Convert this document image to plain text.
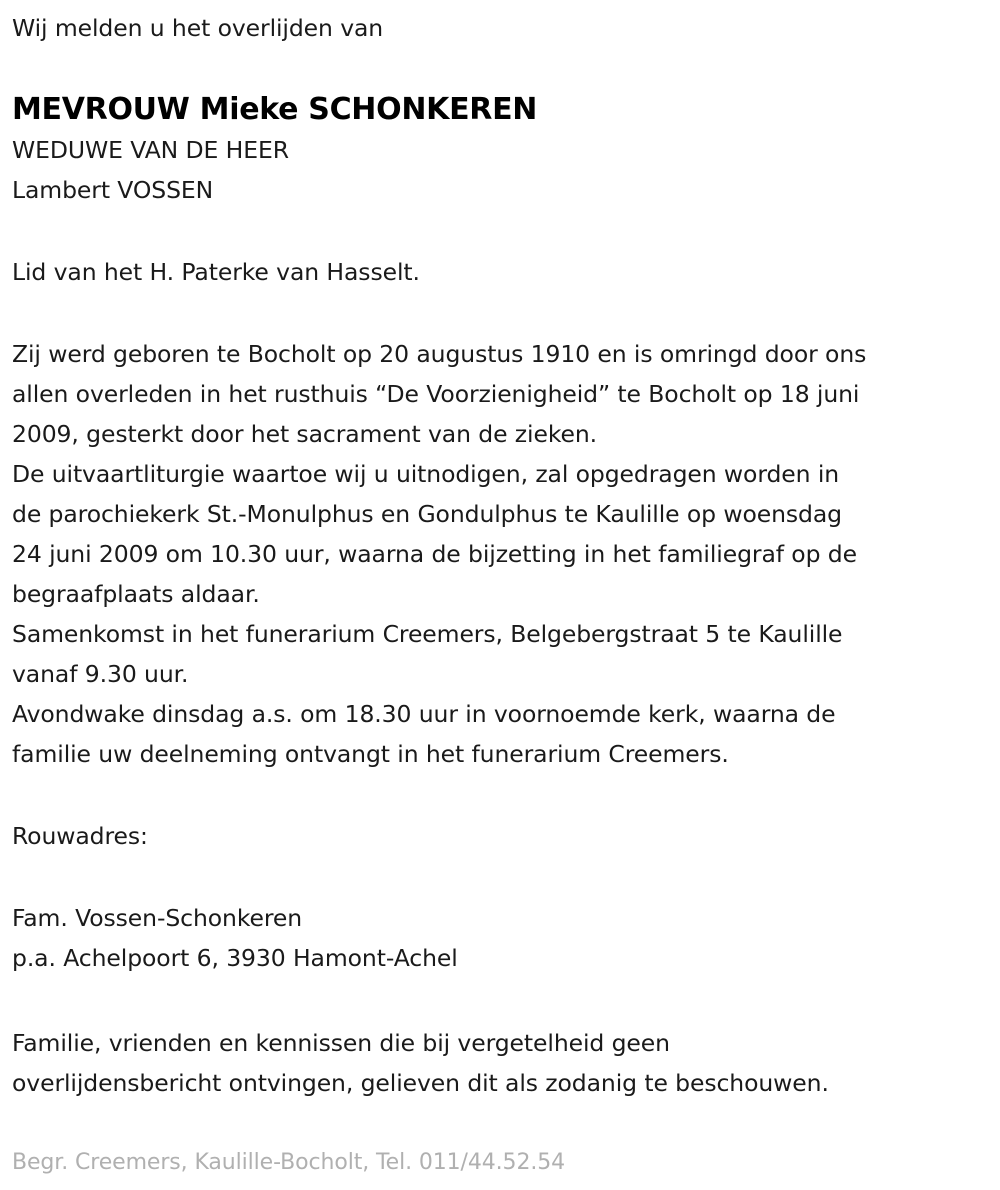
Wij melden u het overlijden van
MEVROUW Mieke SCHONKEREN
WEDUWE VAN DE HEER
Lambert VOSSEN
Lid van het H. Paterke van Hasselt.

Zij werd geboren te Bocholt op 20 augustus 1910 en is omringd door ons

allen overleden in het rusthuis “De Voorzienigheid” te Bocholt op 18 juni

2009, gesterkt door het sacrament van de zieken.

De uitvaartliturgie waartoe wij u uitnodigen, zal opgedragen worden in

de parochiekerk St.-Monulphus en Gondulphus te Kaulille op woensdag

24 juni 2009 om 10.30 uur, waarna de bijzetting in het familiegraf op de

begraafplaats aldaar.

Samenkomst in het funerarium Creemers, Belgebergstraat 5 te Kaulille

vanaf 9.30 uur.

Avondwake dinsdag a.s. om 18.30 uur in voornoemde kerk, waarna de

familie uw deelneming ontvangt in het funerarium Creemers.

Rouwadres:

Fam. Vossen-Schonkeren

p.a. Achelpoort 6, 3930 Hamont-Achel

Familie, vrienden en kennissen die bij vergetelheid geen

overlijdensbericht ontvingen, gelieven dit als zodanig te beschouwen.

Begr. Creemers, Kaulille-Bocholt, Tel. 011/44.52.54
